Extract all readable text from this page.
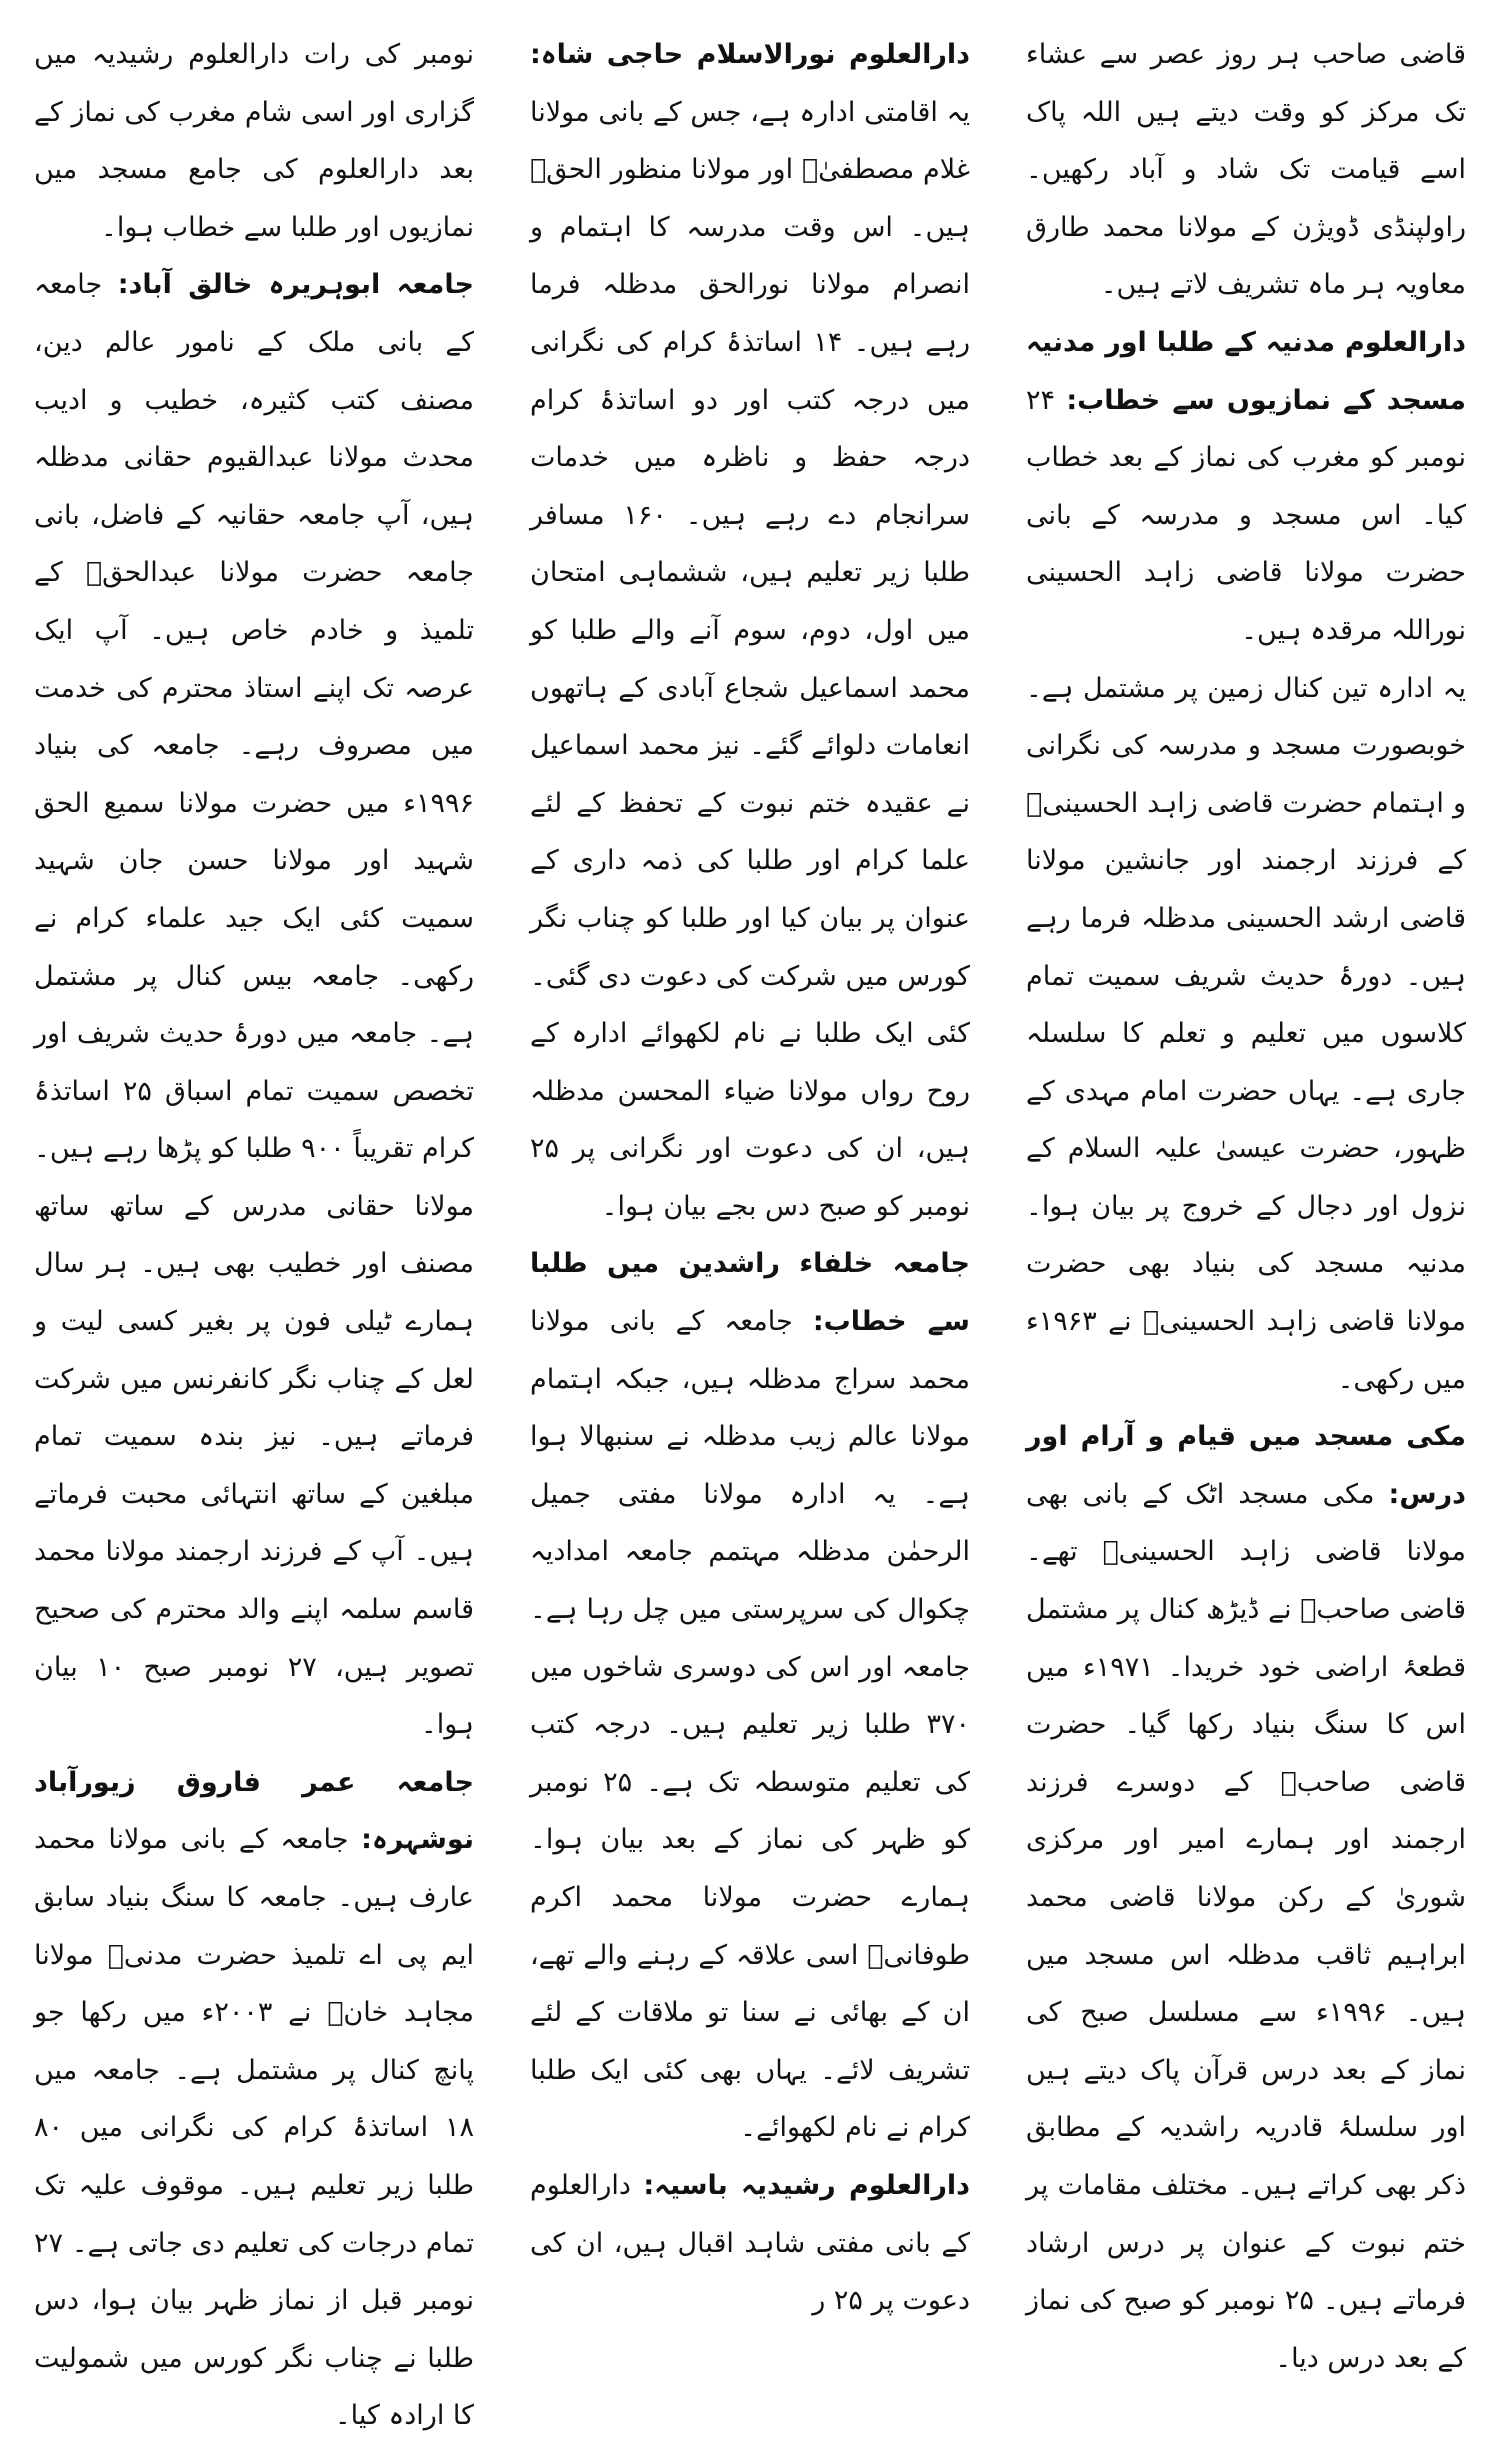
قاضی صاحب ہر روز عصر سے عشاء تک مرکز کو وقت دیتے ہیں اللہ پاک اسے قیامت تک شاد و آباد رکھیں۔ راولپنڈی ڈویژن کے مولانا محمد طارق معاویہ ہر ماہ تشریف لاتے ہیں۔

دارالعلوم مدنیہ کے طلبا اور مدنیہ مسجد کے نمازیوں سے خطاب: ۲۴ نومبر کو مغرب کی نماز کے بعد خطاب کیا۔ اس مسجد و مدرسہ کے بانی حضرت مولانا قاضی زاہد الحسینی نوراللہ مرقدہ ہیں۔

یہ ادارہ تین کنال زمین پر مشتمل ہے۔ خوبصورت مسجد و مدرسہ کی نگرانی و اہتمام حضرت قاضی زاہد الحسینیؒ کے فرزند ارجمند اور جانشین مولانا قاضی ارشد الحسینی مدظلہ فرما رہے ہیں۔ دورۂ حدیث شریف سمیت تمام کلاسوں میں تعلیم و تعلم کا سلسلہ جاری ہے۔ یہاں حضرت امام مہدی کے ظہور، حضرت عیسیٰ علیہ السلام کے نزول اور دجال کے خروج پر بیان ہوا۔ مدنیہ مسجد کی بنیاد بھی حضرت مولانا قاضی زاہد الحسینیؒ نے ۱۹۶۳ء میں رکھی۔

مکی مسجد میں قیام و آرام اور درس: مکی مسجد اٹک کے بانی بھی مولانا قاضی زاہد الحسینیؒ تھے۔ قاضی صاحبؒ نے ڈیڑھ کنال پر مشتمل قطعۂ اراضی خود خریدا۔ ۱۹۷۱ء میں اس کا سنگ بنیاد رکھا گیا۔ حضرت قاضی صاحبؒ کے دوسرے فرزند ارجمند اور ہمارے امیر اور مرکزی شوریٰ کے رکن مولانا قاضی محمد ابراہیم ثاقب مدظلہ اس مسجد میں ہیں۔ ۱۹۹۶ء سے مسلسل صبح کی نماز کے بعد درس قرآن پاک دیتے ہیں اور سلسلۂ قادریہ راشدیہ کے مطابق ذکر بھی کراتے ہیں۔ مختلف مقامات پر ختم نبوت کے عنوان پر درس ارشاد فرماتے ہیں۔ ۲۵ نومبر کو صبح کی نماز کے بعد درس دیا۔

دارالعلوم نورالاسلام حاجی شاہ: یہ اقامتی ادارہ ہے، جس کے بانی مولانا غلام مصطفیٰؒ اور مولانا منظور الحقؒ ہیں۔ اس وقت مدرسہ کا اہتمام و انصرام مولانا نورالحق مدظلہ فرما رہے ہیں۔ ۱۴ اساتذۂ کرام کی نگرانی میں درجہ کتب اور دو اساتذۂ کرام درجہ حفظ و ناظرہ میں خدمات سرانجام دے رہے ہیں۔ ۱۶۰ مسافر طلبا زیر تعلیم ہیں، ششماہی امتحان میں اول، دوم، سوم آنے والے طلبا کو محمد اسماعیل شجاع آبادی کے ہاتھوں انعامات دلوائے گئے۔ نیز محمد اسماعیل نے عقیدہ ختم نبوت کے تحفظ کے لئے علما کرام اور طلبا کی ذمہ داری کے عنوان پر بیان کیا اور طلبا کو چناب نگر کورس میں شرکت کی دعوت دی گئی۔ کئی ایک طلبا نے نام لکھوائے ادارہ کے روح رواں مولانا ضیاء المحسن مدظلہ ہیں، ان کی دعوت اور نگرانی پر ۲۵ نومبر کو صبح دس بجے بیان ہوا۔

جامعہ خلفاء راشدین میں طلبا سے خطاب: جامعہ کے بانی مولانا محمد سراج مدظلہ ہیں، جبکہ اہتمام مولانا عالم زیب مدظلہ نے سنبھالا ہوا ہے۔ یہ ادارہ مولانا مفتی جمیل الرحمٰن مدظلہ مہتمم جامعہ امدادیہ چکوال کی سرپرستی میں چل رہا ہے۔ جامعہ اور اس کی دوسری شاخوں میں ۳۷۰ طلبا زیر تعلیم ہیں۔ درجہ کتب کی تعلیم متوسطہ تک ہے۔ ۲۵ نومبر کو ظہر کی نماز کے بعد بیان ہوا۔ ہمارے حضرت مولانا محمد اکرم طوفانیؒ اسی علاقہ کے رہنے والے تھے، ان کے بھائی نے سنا تو ملاقات کے لئے تشریف لائے۔ یہاں بھی کئی ایک طلبا کرام نے نام لکھوائے۔

دارالعلوم رشیدیہ باسیہ: دارالعلوم کے بانی مفتی شاہد اقبال ہیں، ان کی دعوت پر ۲۵ ر

نومبر کی رات دارالعلوم رشیدیہ میں گزاری اور اسی شام مغرب کی نماز کے بعد دارالعلوم کی جامع مسجد میں نمازیوں اور طلبا سے خطاب ہوا۔

جامعہ ابوہریرہ خالق آباد: جامعہ کے بانی ملک کے نامور عالم دین، مصنف کتب کثیرہ، خطیب و ادیب محدث مولانا عبدالقیوم حقانی مدظلہ ہیں، آپ جامعہ حقانیہ کے فاضل، بانی جامعہ حضرت مولانا عبدالحقؒ کے تلمیذ و خادم خاص ہیں۔ آپ ایک عرصہ تک اپنے استاذ محترم کی خدمت میں مصروف رہے۔ جامعہ کی بنیاد ۱۹۹۶ء میں حضرت مولانا سمیع الحق شہید اور مولانا حسن جان شہید سمیت کئی ایک جید علماء کرام نے رکھی۔ جامعہ بیس کنال پر مشتمل ہے۔ جامعہ میں دورۂ حدیث شریف اور تخصص سمیت تمام اسباق ۲۵ اساتذۂ کرام تقریباً ۹۰۰ طلبا کو پڑھا رہے ہیں۔ مولانا حقانی مدرس کے ساتھ ساتھ مصنف اور خطیب بھی ہیں۔ ہر سال ہمارے ٹیلی فون پر بغیر کسی لیت و لعل کے چناب نگر کانفرنس میں شرکت فرماتے ہیں۔ نیز بندہ سمیت تمام مبلغین کے ساتھ انتہائی محبت فرماتے ہیں۔ آپ کے فرزند ارجمند مولانا محمد قاسم سلمہ اپنے والد محترم کی صحیح تصویر ہیں، ۲۷ نومبر صبح ۱۰ بیان ہوا۔

جامعہ عمر فاروق زیورآباد نوشہرہ: جامعہ کے بانی مولانا محمد عارف ہیں۔ جامعہ کا سنگ بنیاد سابق ایم پی اے تلمیذ حضرت مدنیؒ مولانا مجاہد خانؒ نے ۲۰۰۳ء میں رکھا جو پانچ کنال پر مشتمل ہے۔ جامعہ میں ۱۸ اساتذۂ کرام کی نگرانی میں ۸۰ طلبا زیر تعلیم ہیں۔ موقوف علیہ تک تمام درجات کی تعلیم دی جاتی ہے۔ ۲۷ نومبر قبل از نماز ظہر بیان ہوا، دس طلبا نے چناب نگر کورس میں شمولیت کا ارادہ کیا۔
